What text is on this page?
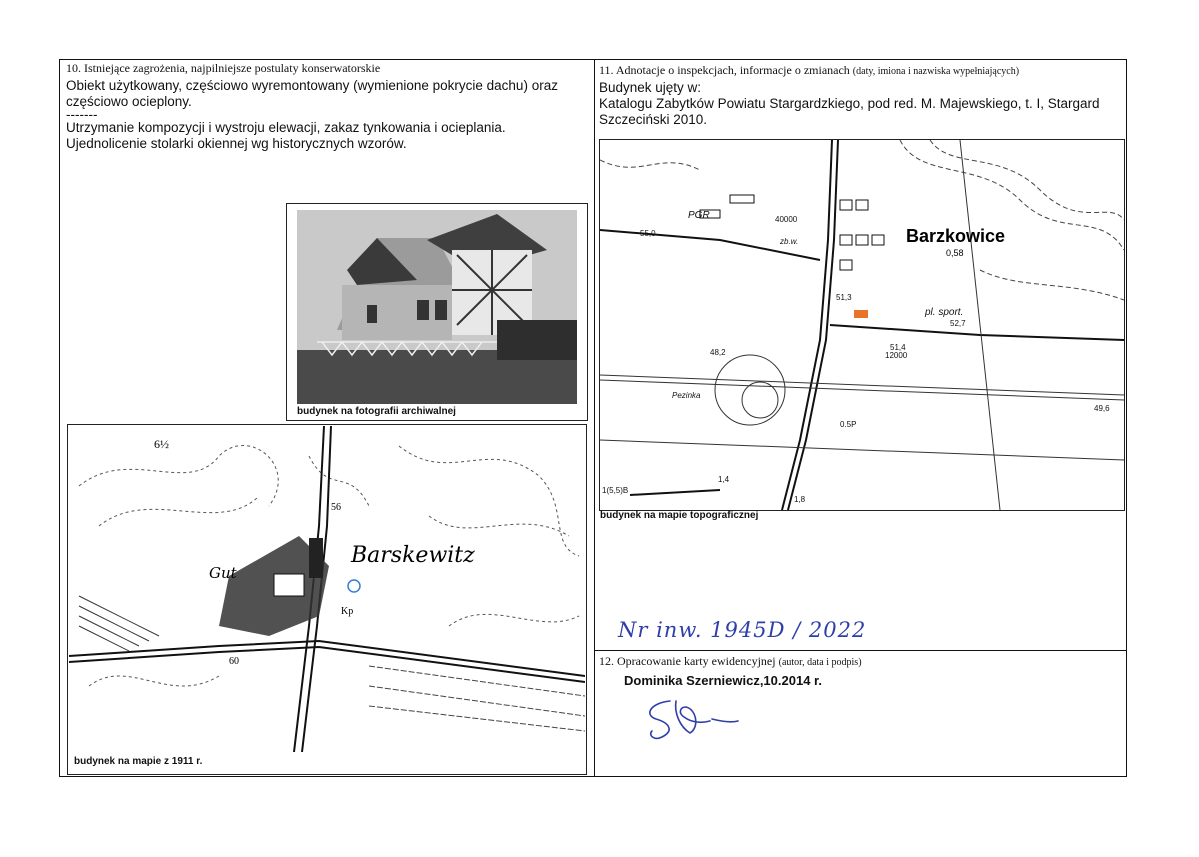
10. Istniejące zagrożenia, najpilniejsze postulaty konserwatorskie
Obiekt użytkowany, częściowo wyremontowany (wymienione pokrycie dachu) oraz
częściowo ocieplony.
-------
Utrzymanie kompozycji i wystroju elewacji, zakaz tynkowania i ocieplania.
Ujednolicenie stolarki okiennej wg historycznych wzorów.
budynek na fotografii archiwalnej
6½
56
Kp
60
Gut
Barskewitz
budynek na mapie z 1911 r.
11. Adnotacje o inspekcjach, informacje o zmianach (daty, imiona i nazwiska wypełniających)
Budynek ujęty w:
Katalogu Zabytków Powiatu Stargardzkiego, pod red. M. Majewskiego, t. I, Stargard
Szczeciński 2010.
PGR
55,0
40000
zb.w.
51,3
pl. sport.
52,7
51,4
12000
48,2
Pezinka
0.5P
49,6
1,4
1,8
1(5,5)B
Barzkowice
0,58
budynek na mapie topograficznej
Nr inw. 1945D / 2022
12. Opracowanie karty ewidencyjnej (autor, data i podpis)
Dominika Szerniewicz,10.2014 r.
